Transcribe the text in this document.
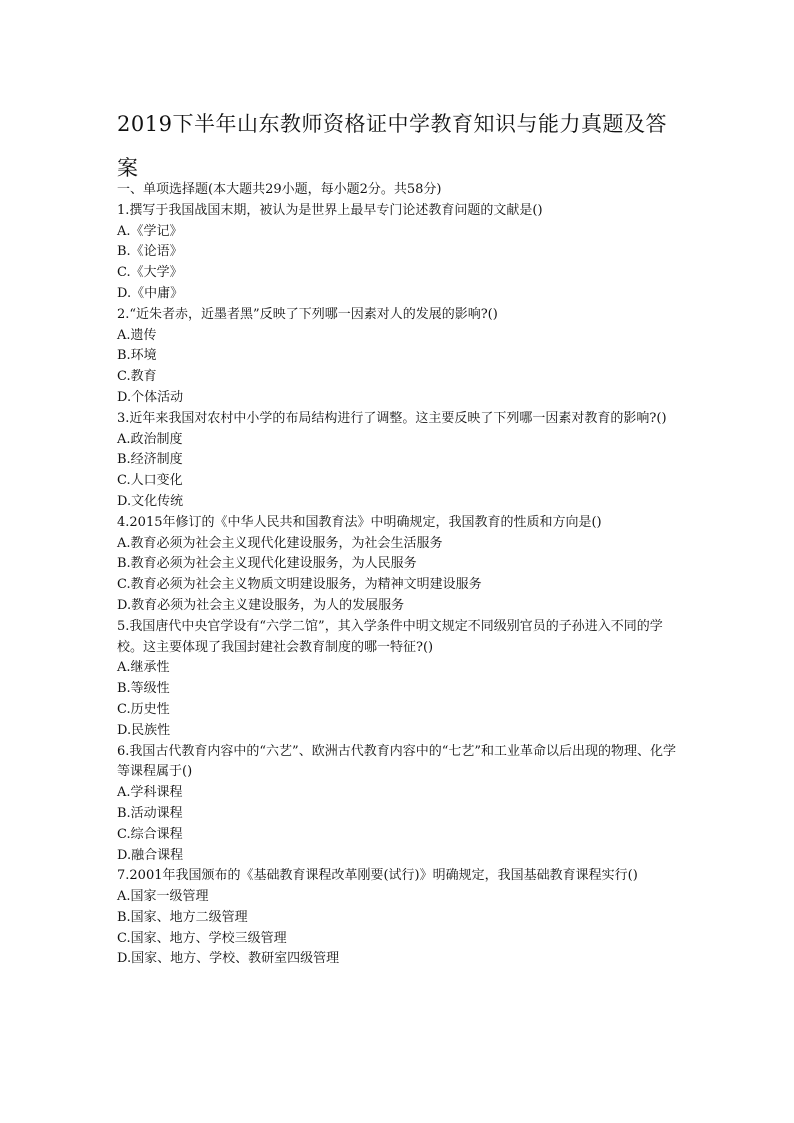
2019下半年山东教师资格证中学教育知识与能力真题及答案

一、单项选择题(本大题共29小题，每小题2分。共58分)

1.撰写于我国战国末期，被认为是世界上最早专门论述教育问题的文献是()

A.《学记》

B.《论语》

C.《大学》

D.《中庸》

2.“近朱者赤，近墨者黑”反映了下列哪一因素对人的发展的影响?()

A.遗传

B.环境

C.教育

D.个体活动

3.近年来我国对农村中小学的布局结构进行了调整。这主要反映了下列哪一因素对教育的影响?()

A.政治制度

B.经济制度

C.人口变化

D.文化传统

4.2015年修订的《中华人民共和国教育法》中明确规定，我国教育的性质和方向是()

A.教育必须为社会主义现代化建设服务，为社会生活服务

B.教育必须为社会主义现代化建设服务，为人民服务

C.教育必须为社会主义物质文明建设服务，为精神文明建设服务

D.教育必须为社会主义建设服务，为人的发展服务

5.我国唐代中央官学设有“六学二馆”，其入学条件中明文规定不同级别官员的子孙进入不同的学校。这主要体现了我国封建社会教育制度的哪一特征?()

A.继承性

B.等级性

C.历史性

D.民族性

6.我国古代教育内容中的“六艺”、欧洲古代教育内容中的“七艺”和工业革命以后出现的物理、化学等课程属于()

A.学科课程

B.活动课程

C.综合课程

D.融合课程

7.2001年我国颁布的《基础教育课程改革刚要(试行)》明确规定，我国基础教育课程实行()

A.国家一级管理

B.国家、地方二级管理

C.国家、地方、学校三级管理

D.国家、地方、学校、教研室四级管理
